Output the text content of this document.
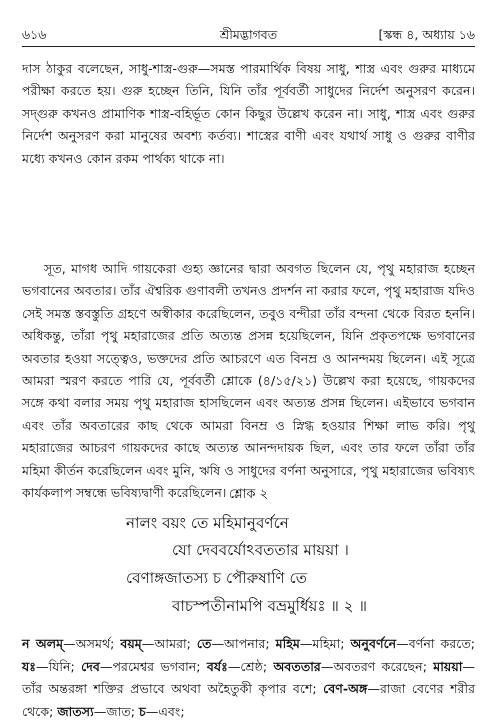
৬১৬	শ্রীমদ্ভাগবত	[স্কন্ধ ৪, অধ্যায় ১৬

দাস ঠাকুর বলেছেন, সাধু-শাস্ত্র-গুরু—সমস্ত পারমার্থিক বিষয় সাধু, শাস্ত্র এবং গুরুর মাধ্যমে পরীক্ষা করতে হয়। গুরু হচ্ছেন তিনি, যিনি তাঁর পূর্ববর্তী সাধুদের নির্দেশ অনুসরণ করেন। সদ্গুরু কখনও প্রামাণিক শাস্ত্র-বহির্ভূত কোন কিছুর উল্লেখ করেন না। সাধু, শাস্ত্র এবং গুরুর নির্দেশ অনুসরণ করা মানুষের অবশ্য কর্তব্য। শাস্ত্রের বাণী এবং যথার্থ সাধু ও গুরুর বাণীর মধ্যে কখনও কোন রকম পার্থক্য থাকে না।

সূত, মাগধ আদি গায়কেরা গুহ্য জ্ঞানের দ্বারা অবগত ছিলেন যে, পৃথু মহারাজ হচ্ছেন ভগবানের অবতার। তাঁর ঐশ্বরিক গুণাবলী তখনও প্রদর্শন না করার ফলে, পৃথু মহারাজ যদিও সেই সমস্ত স্তবস্তুতি গ্রহণে অস্বীকার করেছিলেন, তবুও বন্দীরা তাঁর বন্দনা থেকে বিরত হননি। অধিকন্তু, তাঁরা পৃথু মহারাজের প্রতি অত্যন্ত প্রসন্ন হয়েছিলেন, যিনি প্রকৃতপক্ষে ভগবানের অবতার হওয়া সত্ত্বেও, ভক্তদের প্রতি আচরণে এত বিনম্র ও আনন্দময় ছিলেন। এই সূত্রে আমরা স্মরণ করতে পারি যে, পূর্ববর্তী শ্লোকে (৪/১৫/২১) উল্লেখ করা হয়েছে, গায়কদের সঙ্গে কথা বলার সময় পৃথু মহারাজ হাসছিলেন এবং অত্যন্ত প্রসন্ন ছিলেন। এইভাবে ভগবান এবং তাঁর অবতারের কাছ থেকে আমরা বিনম্র ও স্নিগ্ধ হওয়ার শিক্ষা লাভ করি। পৃথু মহারাজের আচরণ গায়কদের কাছে অত্যন্ত আনন্দদায়ক ছিল, এবং তার ফলে তাঁরা তাঁর মহিমা কীর্তন করেছিলেন এবং মুনি, ঋষি ও সাধুদের বর্ণনা অনুসারে, পৃথু মহারাজের ভবিষ্যৎ কার্যকলাপ সম্বন্ধে ভবিষ্যদ্বাণী করেছিলেন। শ্লোক ২
নালং বয়ং তে মহিমানুবর্ণনে
যো দেববর্যোঽবততার মায়য়া ।
বেণাঙ্গজাতস্য চ পৌরুষাণি তে
বাচস্পতীনামপি বভ্রমুর্ধিয়ঃ ॥ ২ ॥

ন অলম্—অসমর্থ; বয়ম্—আমরা; তে—আপনার; মহিম—মহিমা; অনুবর্ণনে—বর্ণনা করতে; যঃ—যিনি; দেব—পরমেশ্বর ভগবান; বর্যঃ—শ্রেষ্ঠ; অবততার—অবতরণ করেছেন; মায়য়া—তাঁর অন্তরঙ্গা শক্তির প্রভাবে অথবা অহৈতুকী কৃপার বশে; বেণ-অঙ্গ—রাজা বেণের শরীর থেকে; জাতস্য—জাত; চ—এবং;
